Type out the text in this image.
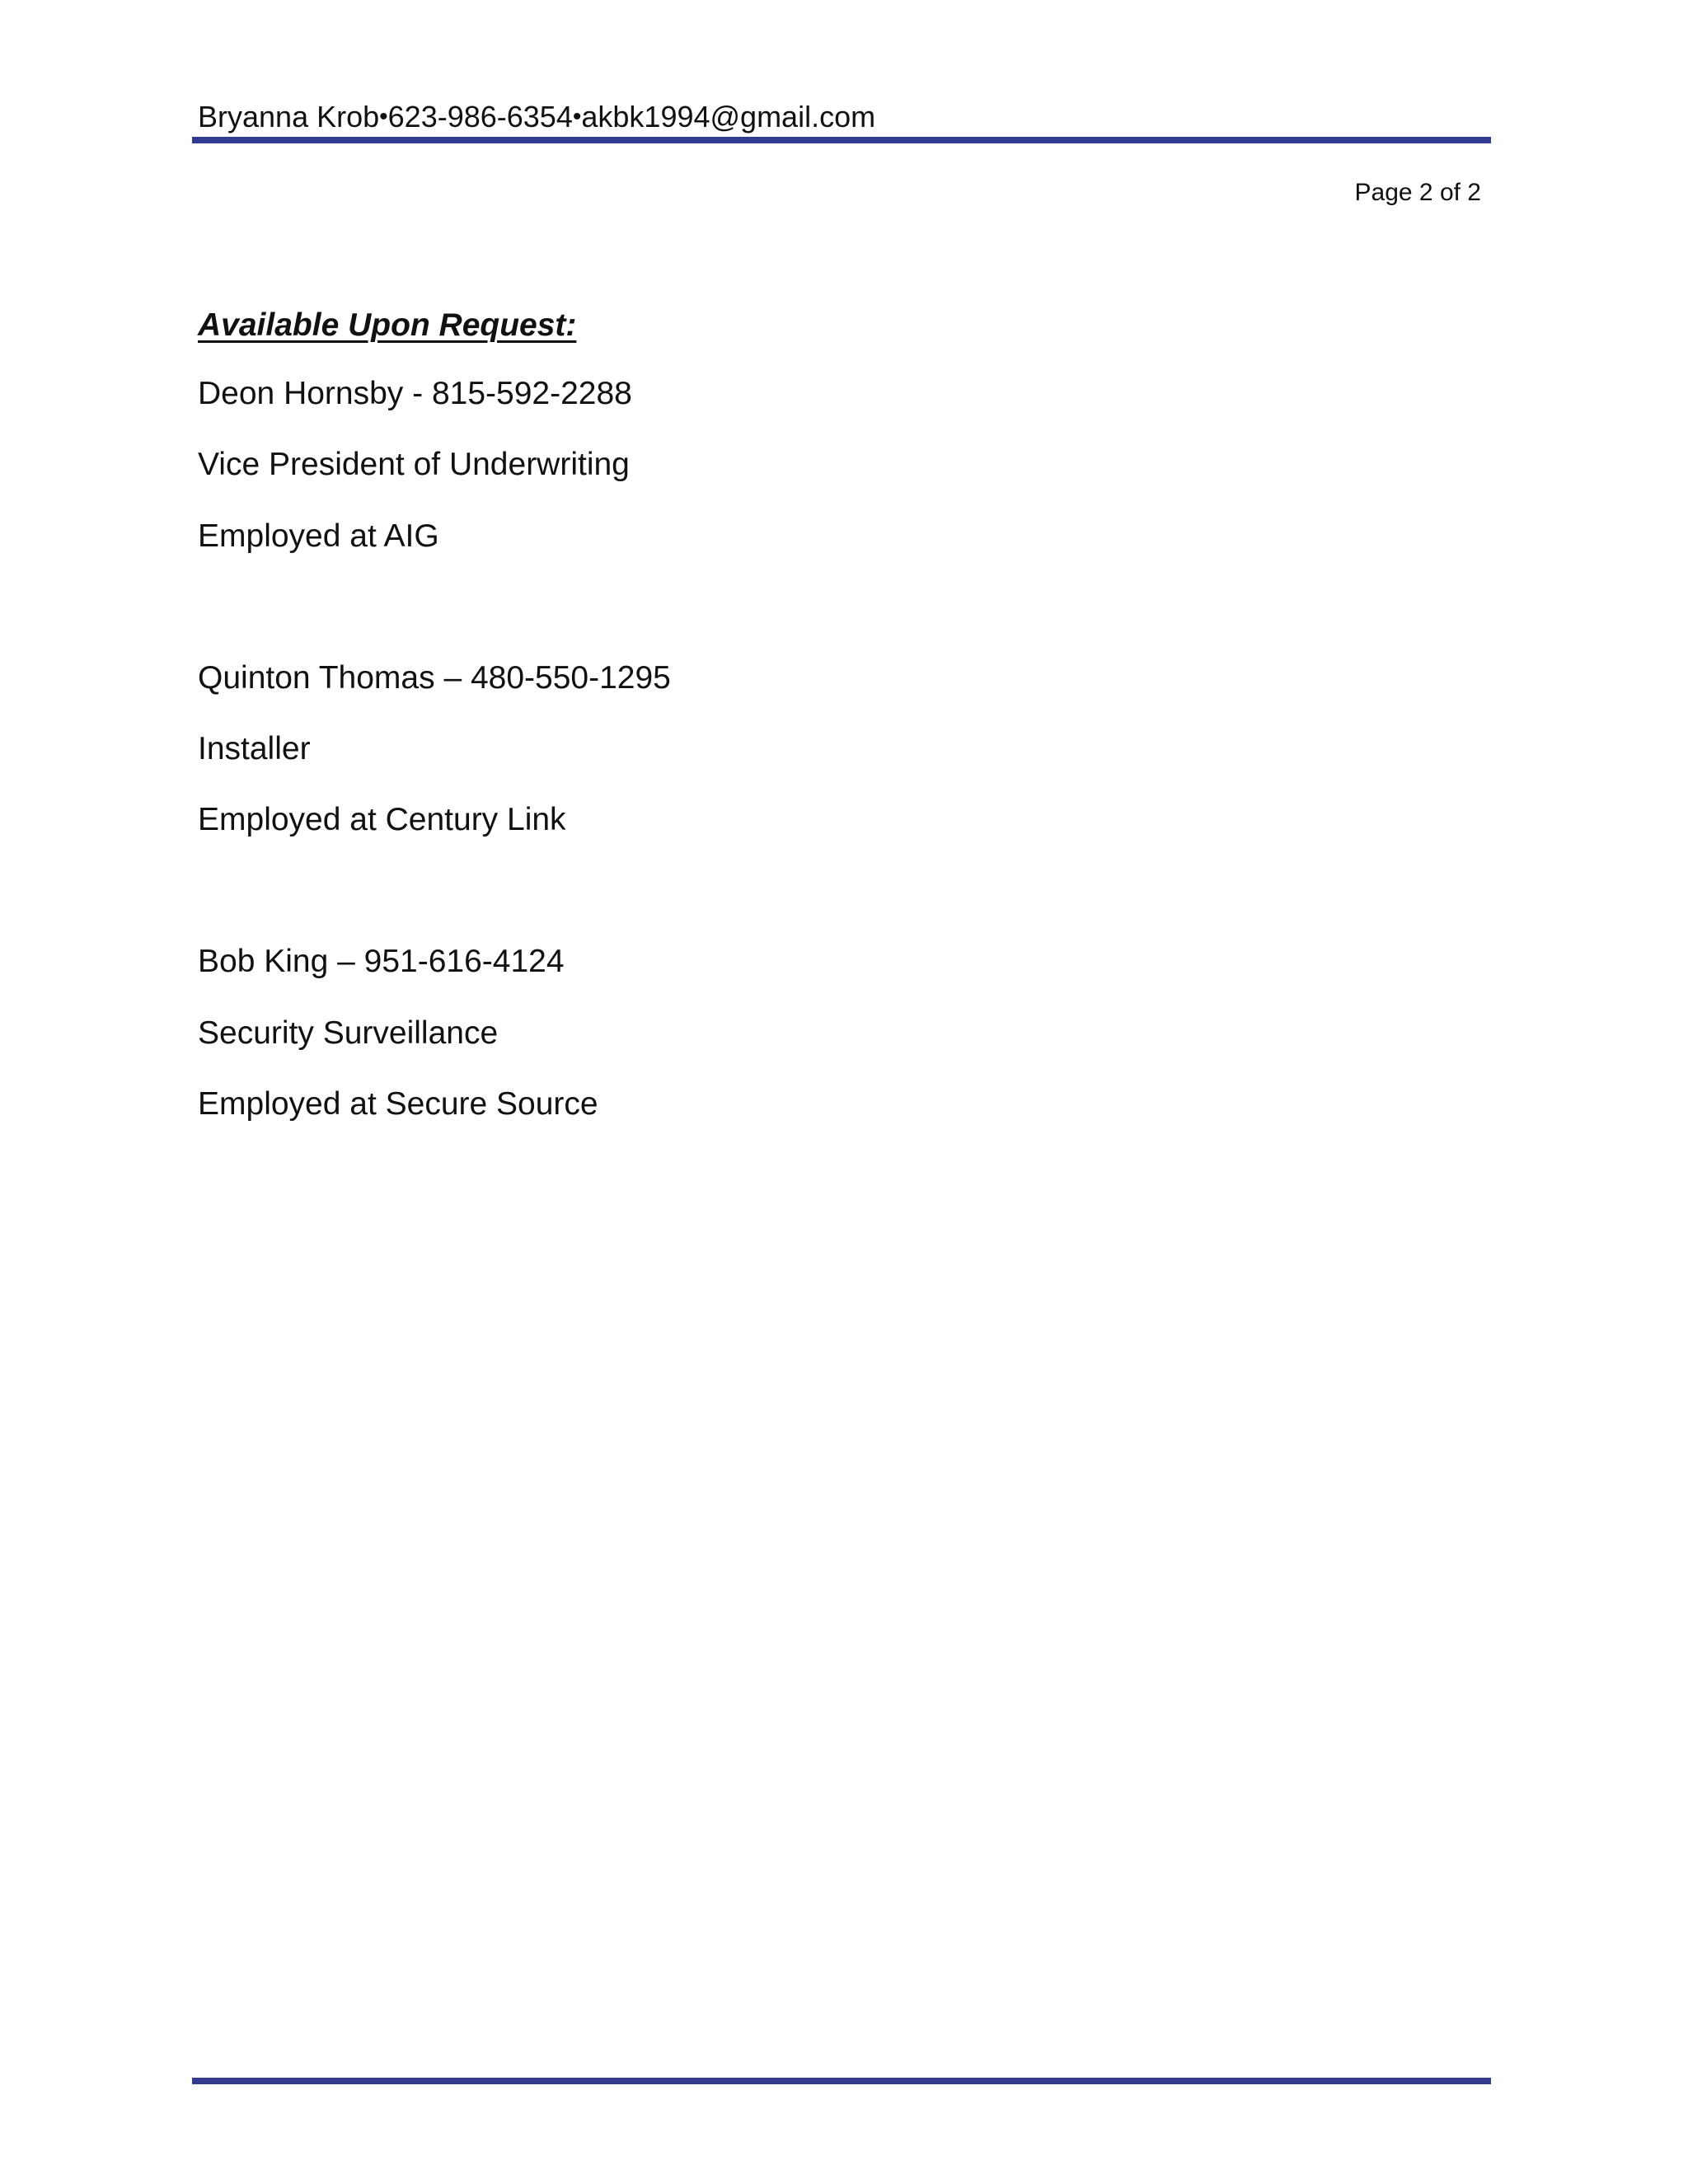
Bryanna Krob•623-986-6354•akbk1994@gmail.com
Page 2 of 2
Available Upon Request:
Deon Hornsby - 815-592-2288
Vice President of Underwriting
Employed at AIG
Quinton Thomas – 480-550-1295
Installer
Employed at Century Link
Bob King – 951-616-4124
Security Surveillance
Employed at Secure Source
